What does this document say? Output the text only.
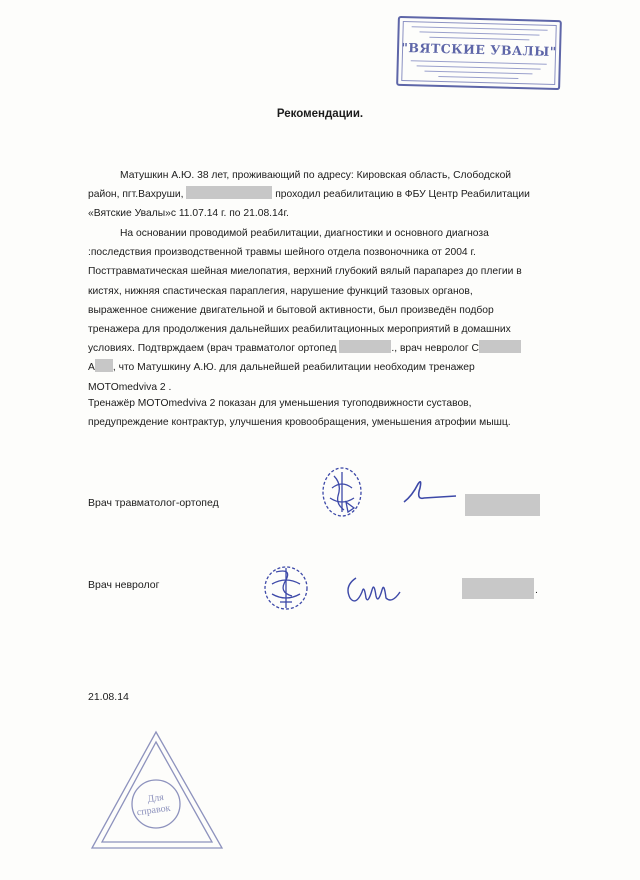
"ВЯТСКИЕ УВАЛЫ"
Рекомендации.
Матушкин А.Ю. 38 лет, проживающий по адресу: Кировская область, Слободской
район, пгт.Вахруши,	проходил реабилитацию в ФБУ Центр Реабилитации
«Вятские Увалы»с 11.07.14 г. по 21.08.14г.
На основании проводимой реабилитации, диагностики и основного диагноза
:последствия производственной травмы шейного отдела позвоночника от 2004 г.
Посттравматическая шейная миелопатия, верхний глубокий вялый парапарез до плегии в
кистях, нижняя спастическая параплегия, нарушение функций тазовых органов,
выраженное снижение двигательной и бытовой активности, был произведён подбор
тренажера для продолжения дальнейших реабилитационных мероприятий в домашних
условиях. Подтврждаем (врач травматолог ортопед	., врач невролог С
А , что Матушкину А.Ю. для дальнейшей реабилитации необходим тренажер
MOTOmedviva 2 .
Тренажёр MOTOmedviva 2 показан для уменьшения тугоподвижности суставов,
предупреждение контрактур, улучшения кровообращения, уменьшения атрофии мышц.
Врач травматолог-ортопед
Врач невролог	.
21.08.14
Для
справок
